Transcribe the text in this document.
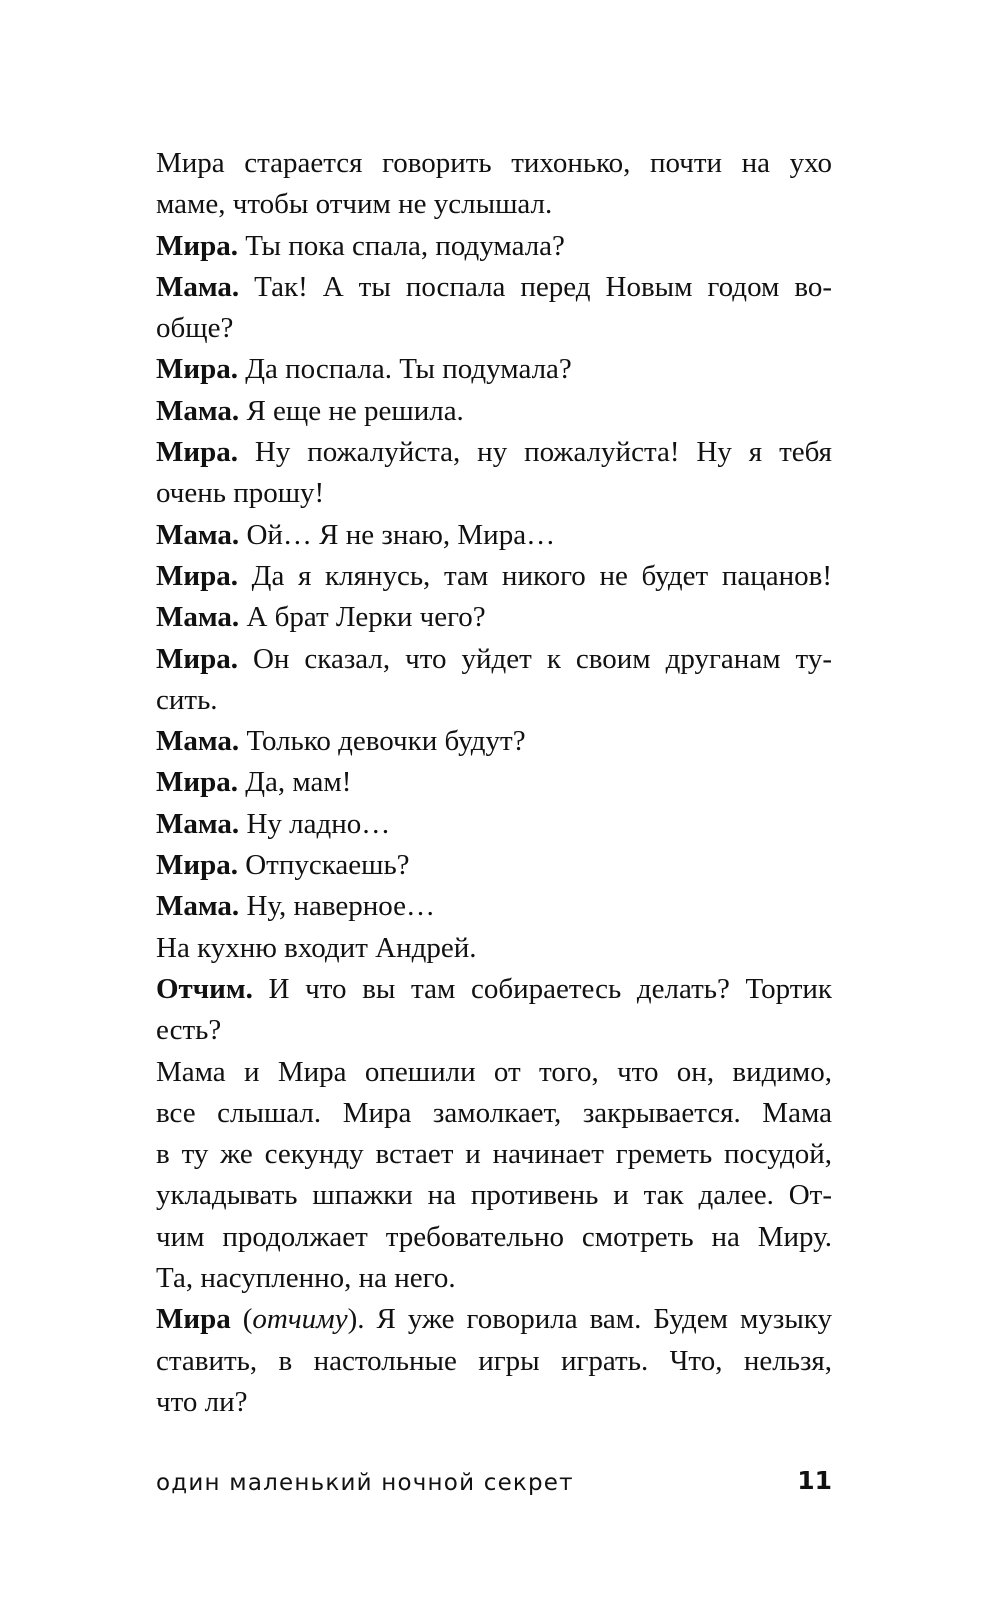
Мира старается говорить тихонько, почти на ухо
маме, чтобы отчим не услышал.
Мира. Ты пока спала, подумала?
Мама. Так! А ты поспала перед Новым годом во-
обще?
Мира. Да поспала. Ты подумала?
Мама. Я еще не решила.
Мира. Ну пожалуйста, ну пожалуйста! Ну я тебя
очень прошу!
Мама. Ой… Я не знаю, Мира…
Мира. Да я клянусь, там никого не будет пацанов!
Мама. А брат Лерки чего?
Мира. Он сказал, что уйдет к своим друганам ту-
сить.
Мама. Только девочки будут?
Мира. Да, мам!
Мама. Ну ладно…
Мира. Отпускаешь?
Мама. Ну, наверное…
На кухню входит Андрей.
Отчим. И что вы там собираетесь делать? Тортик
есть?
Мама и Мира опешили от того, что он, видимо,
все слышал. Мира замолкает, закрывается. Мама
в ту же секунду встает и начинает греметь посудой,
укладывать шпажки на противень и так далее. От-
чим продолжает требовательно смотреть на Миру.
Та, насупленно, на него.
Мира (отчиму). Я уже говорила вам. Будем музыку
ставить, в настольные игры играть. Что, нельзя,
что ли?
один маленький ночной секрет	11
